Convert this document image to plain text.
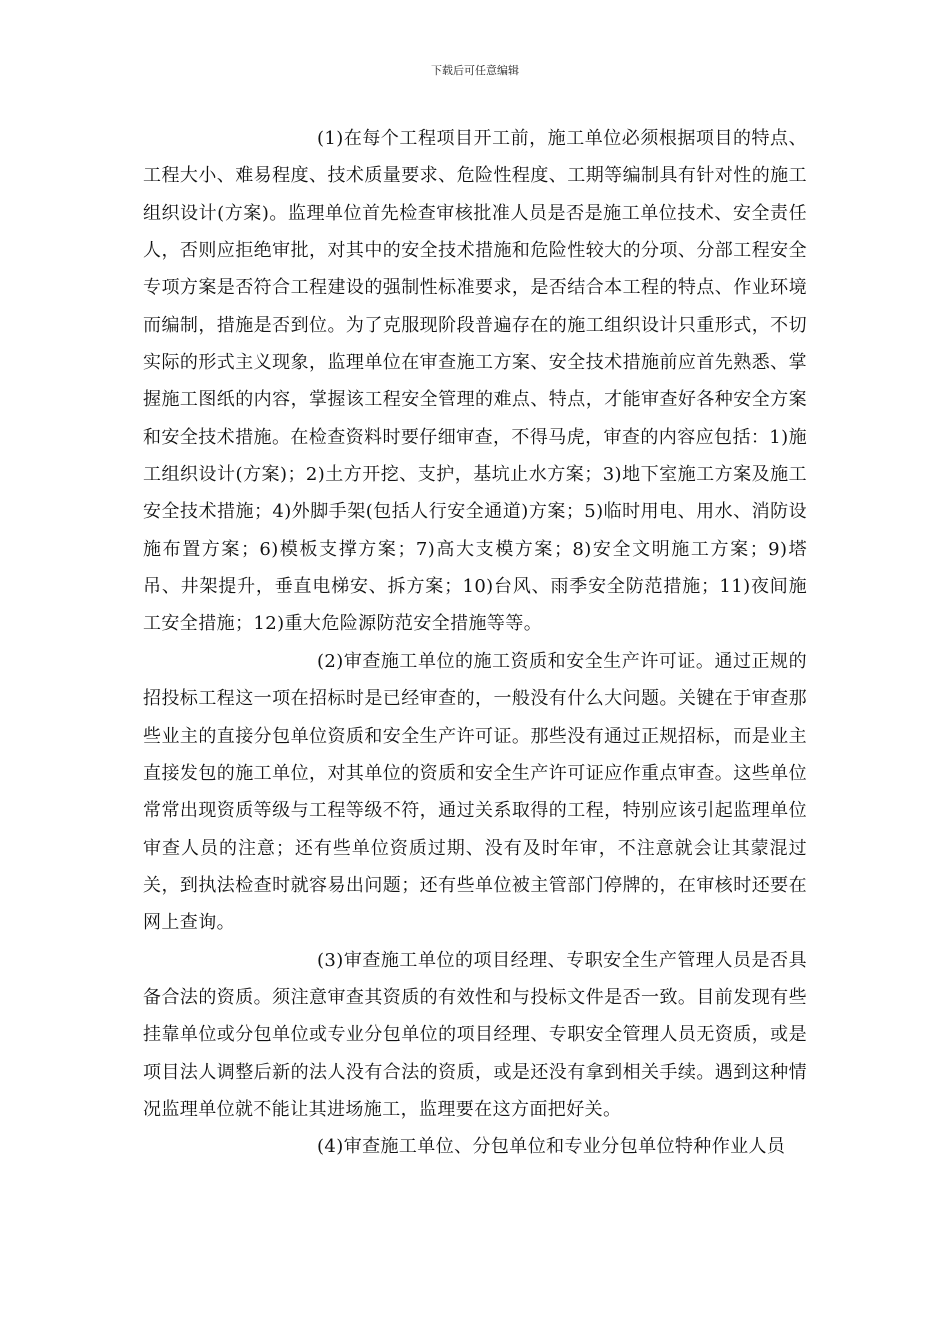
下载后可任意编辑

(1)在每个工程项目开工前，施工单位必须根据项目的特点、工程大小、难易程度、技术质量要求、危险性程度、工期等编制具有针对性的施工组织设计(方案)。监理单位首先检查审核批准人员是否是施工单位技术、安全责任人，否则应拒绝审批，对其中的安全技术措施和危险性较大的分项、分部工程安全专项方案是否符合工程建设的强制性标准要求，是否结合本工程的特点、作业环境而编制，措施是否到位。为了克服现阶段普遍存在的施工组织设计只重形式，不切实际的形式主义现象，监理单位在审查施工方案、安全技术措施前应首先熟悉、掌握施工图纸的内容，掌握该工程安全管理的难点、特点，才能审查好各种安全方案和安全技术措施。在检查资料时要仔细审查，不得马虎，审查的内容应包括：1)施工组织设计(方案)；2)土方开挖、支护，基坑止水方案；3)地下室施工方案及施工安全技术措施；4)外脚手架(包括人行安全通道)方案；5)临时用电、用水、消防设施布置方案；6)模板支撑方案；7)高大支模方案；8)安全文明施工方案；9)塔吊、井架提升，垂直电梯安、拆方案；10)台风、雨季安全防范措施；11)夜间施工安全措施；12)重大危险源防范安全措施等等。

(2)审查施工单位的施工资质和安全生产许可证。通过正规的招投标工程这一项在招标时是已经审查的，一般没有什么大问题。关键在于审查那些业主的直接分包单位资质和安全生产许可证。那些没有通过正规招标，而是业主直接发包的施工单位，对其单位的资质和安全生产许可证应作重点审查。这些单位常常出现资质等级与工程等级不符，通过关系取得的工程，特别应该引起监理单位审查人员的注意；还有些单位资质过期、没有及时年审，不注意就会让其蒙混过关，到执法检查时就容易出问题；还有些单位被主管部门停牌的，在审核时还要在网上查询。

(3)审查施工单位的项目经理、专职安全生产管理人员是否具备合法的资质。须注意审查其资质的有效性和与投标文件是否一致。目前发现有些挂靠单位或分包单位或专业分包单位的项目经理、专职安全管理人员无资质，或是项目法人调整后新的法人没有合法的资质，或是还没有拿到相关手续。遇到这种情况监理单位就不能让其进场施工，监理要在这方面把好关。

(4)审查施工单位、分包单位和专业分包单位特种作业人员
